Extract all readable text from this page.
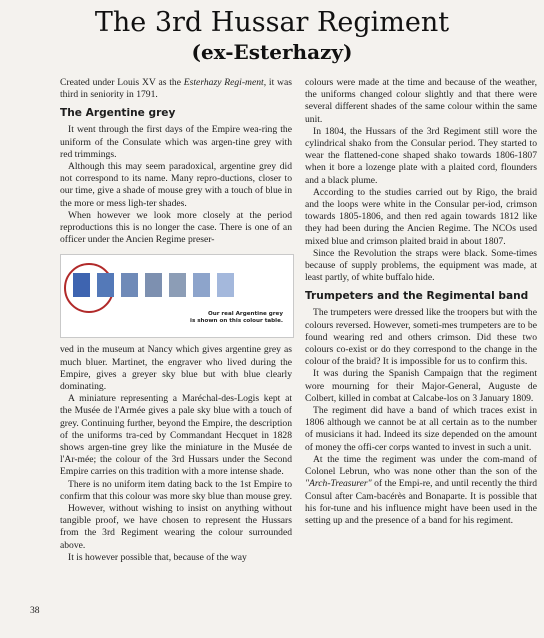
The 3rd Hussar Regiment
(ex-Esterhazy)

Created under Louis XV as the Esterhazy Regi-ment, it was third in seniority in 1791.

The Argentine grey

It went through the first days of the Empire wea-ring the uniform of the Consulate which was argen-tine grey with red trimmings.

Although this may seem paradoxical, argentine grey did not correspond to its name. Many repro-ductions, closer to our time, give a shade of mouse grey with a touch of blue in the more or mess ligh-ter shades.

When however we look more closely at the period reproductions this is no longer the case. There is one of an officer under the Ancien Regime preser-

Our real Argentine grey
is shown on this colour table.

ved in the museum at Nancy which gives argentine grey as much bluer. Martinet, the engraver who lived during the Empire, gives a greyer sky blue but with blue clearly dominating.

A miniature representing a Maréchal-des-Logis kept at the Musée de l'Armée gives a pale sky blue with a touch of grey. Continuing further, beyond the Empire, the description of the uniforms tra-ced by Commandant Hecquet in 1828 shows argen-tine grey like the miniature in the Musée de l'Ar-mée; the colour of the 3rd Hussars under the Second Empire carries on this tradition with a more intense shade.

There is no uniform item dating back to the 1st Empire to confirm that this colour was more sky blue than mouse grey.

However, without wishing to insist on anything without tangible proof, we have chosen to represent the Hussars from the 3rd Regiment wearing the colour surrounded above.

It is however possible that, because of the way

38

colours were made at the time and because of the weather, the uniforms changed colour slightly and that there were several different shades of the same colour within the same unit.

In 1804, the Hussars of the 3rd Regiment still wore the cylindrical shako from the Consular period. They started to wear the flattened-cone shaped shako towards 1806-1807 when it bore a lozenge plate with a plaited cord, flounders and a black plume.

According to the studies carried out by Rigo, the braid and the loops were white in the Consular per-iod, crimson towards 1805-1806, and then red again towards 1812 like they had been during the Ancien Regime. The NCOs used mixed blue and crimson plaited braid in about 1807.

Since the Revolution the straps were black. Some-times because of supply problems, the equipment was made, at least partly, of white buffalo hide.

Trumpeters and the Regimental band

The trumpeters were dressed like the troopers but with the colours reversed. However, someti-mes trumpeters are to be found wearing red and others crimson. Did these two colours co-exist or do they correspond to the change in the colour of the braid? It is impossible for us to confirm this.

It was during the Spanish Campaign that the regiment wore mourning for their Major-General, Auguste de Colbert, killed in combat at Calcabe-los on 3 January 1809.

The regiment did have a band of which traces exist in 1806 although we cannot be at all certain as to the number of musicians it had. Indeed its size depended on the amount of money the offi-cer corps wanted to invest in such a unit.

At the time the regiment was under the com-mand of Colonel Lebrun, who was none other than the son of the "Arch-Treasurer" of the Empi-re, and until recently the third Consul after Cam-bacérès and Bonaparte. It is possible that his for-tune and his influence might have been used in the setting up and the presence of a band for his regiment.
